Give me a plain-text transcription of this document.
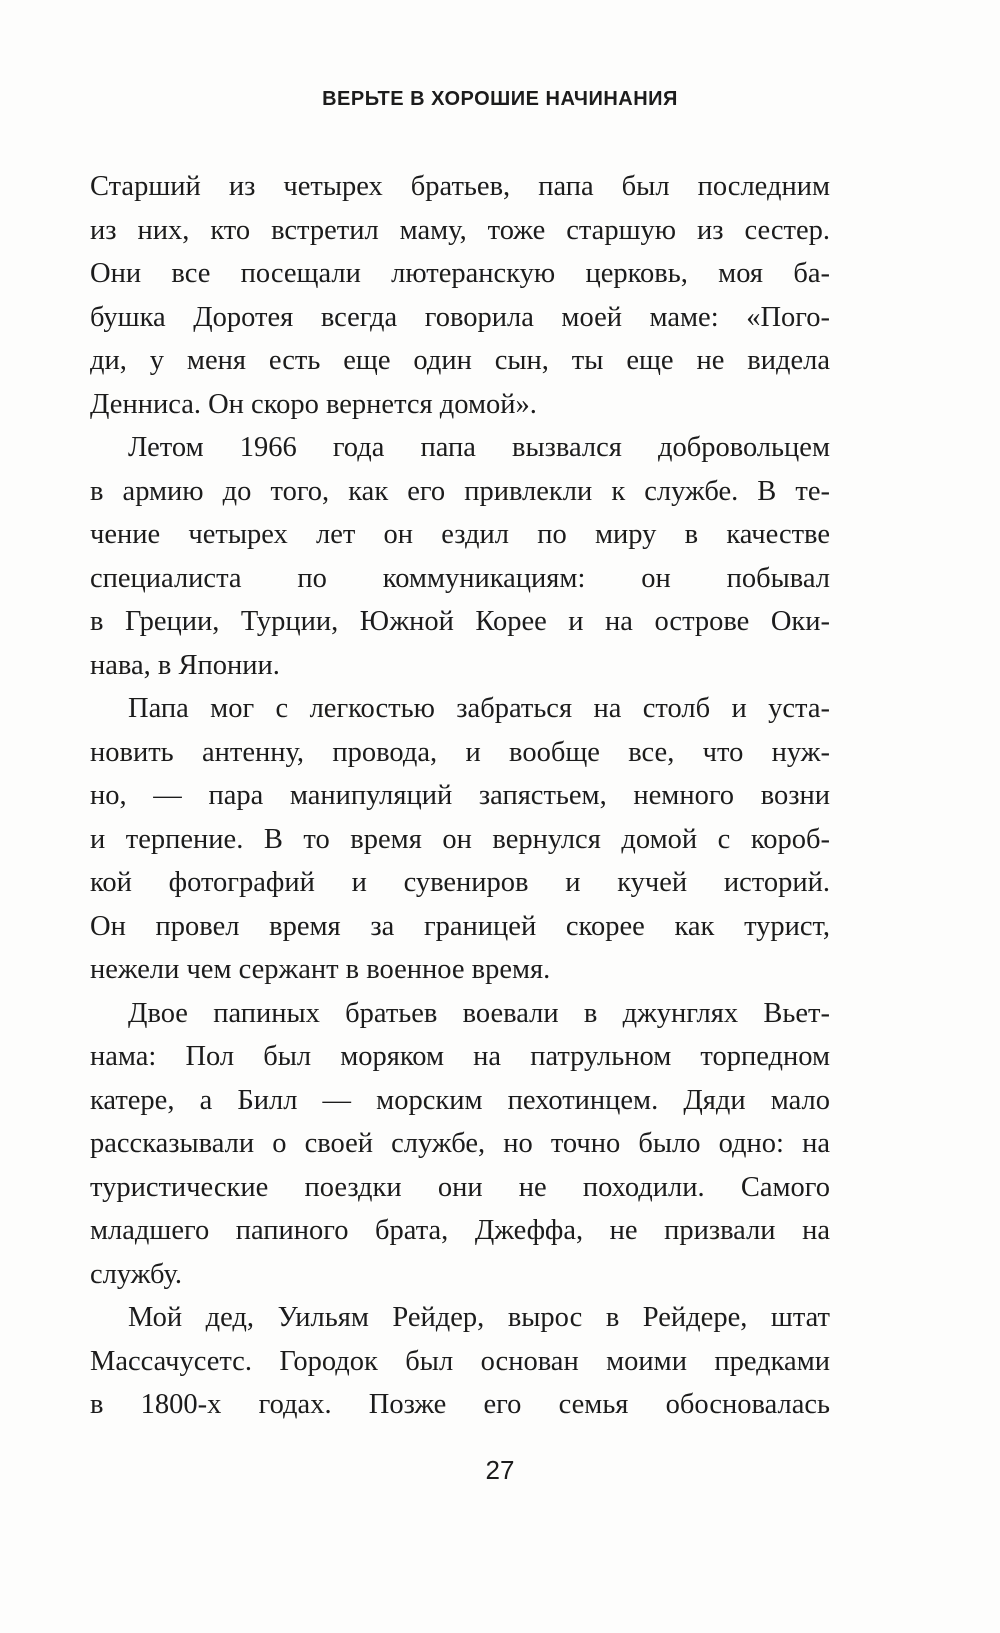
ВЕРЬТЕ В ХОРОШИЕ НАЧИНАНИЯ
Старший из четырех братьев, папа был последним
из них, кто встретил маму, тоже старшую из сестер.
Они все посещали лютеранскую церковь, моя ба-
бушка Доротея всегда говорила моей маме: «Пого-
ди, у меня есть еще один сын, ты еще не видела
Денниса. Он скоро вернется домой».
Летом 1966 года папа вызвался добровольцем
в армию до того, как его привлекли к службе. В те-
чение четырех лет он ездил по миру в качестве
специалиста по коммуникациям: он побывал
в Греции, Турции, Южной Корее и на острове Оки-
нава, в Японии.
Папа мог с легкостью забраться на столб и уста-
новить антенну, провода, и вообще все, что нуж-
но, — пара манипуляций запястьем, немного возни
и терпение. В то время он вернулся домой с короб-
кой фотографий и сувениров и кучей историй.
Он провел время за границей скорее как турист,
нежели чем сержант в военное время.
Двое папиных братьев воевали в джунглях Вьет-
нама: Пол был моряком на патрульном торпедном
катере, а Билл — морским пехотинцем. Дяди мало
рассказывали о своей службе, но точно было одно: на
туристические поездки они не походили. Самого
младшего папиного брата, Джеффа, не призвали на
службу.
Мой дед, Уильям Рейдер, вырос в Рейдере, штат
Массачусетс. Городок был основан моими предками
в 1800-х годах. Позже его семья обосновалась
27
